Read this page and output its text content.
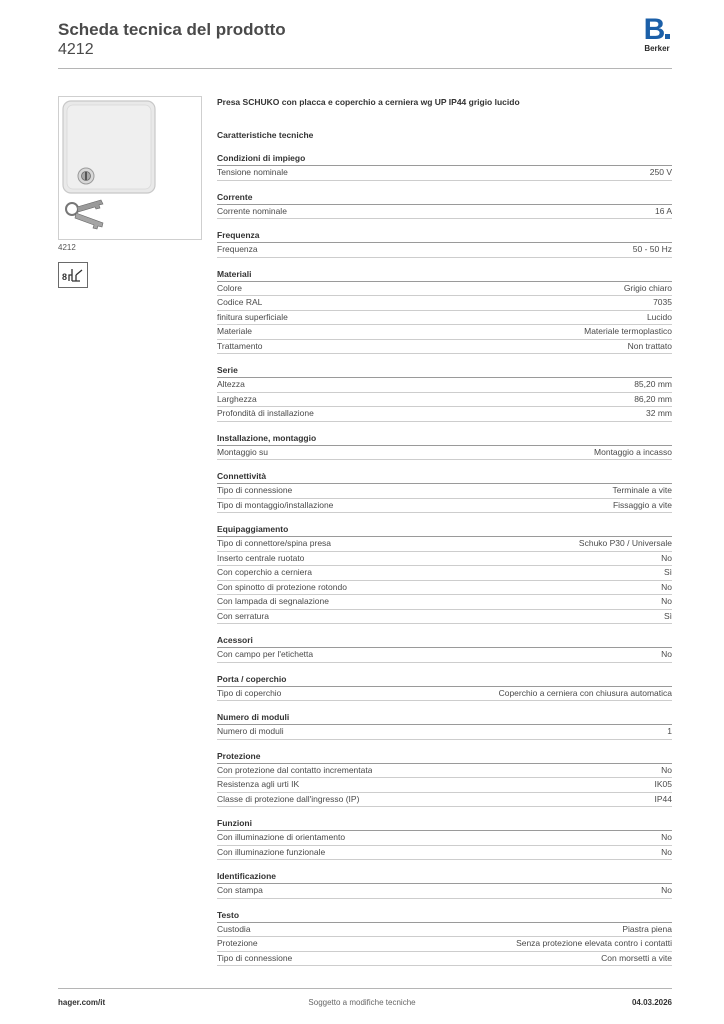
Scheda tecnica del prodotto
4212
B
Berker
4212
8
Presa SCHUKO con placca e coperchio a cerniera wg UP IP44 grigio lucido
Caratteristiche tecniche
Condizioni di impiego
Tensione nominale	250 V
Corrente
Corrente nominale	16 A
Frequenza
Frequenza	50 - 50 Hz
Materiali
Colore	Grigio chiaro
Codice RAL	7035
finitura superficiale	Lucido
Materiale	Materiale termoplastico
Trattamento	Non trattato
Serie
Altezza	85,20 mm
Larghezza	86,20 mm
Profondità di installazione	32 mm
Installazione, montaggio
Montaggio su	Montaggio a incasso
Connettività
Tipo di connessione	Terminale a vite
Tipo di montaggio/installazione	Fissaggio a vite
Equipaggiamento
Tipo di connettore/spina presa	Schuko P30 / Universale
Inserto centrale ruotato	No
Con coperchio a cerniera	Sì
Con spinotto di protezione rotondo	No
Con lampada di segnalazione	No
Con serratura	Sì
Acessori
Con campo per l'etichetta	No
Porta / coperchio
Tipo di coperchio	Coperchio a cerniera con chiusura automatica
Numero di moduli
Numero di moduli	1
Protezione
Con protezione dal contatto incrementata	No
Resistenza agli urti IK	IK05
Classe di protezione dall'ingresso (IP)	IP44
Funzioni
Con illuminazione di orientamento	No
Con illuminazione funzionale	No
Identificazione
Con stampa	No
Testo
Custodia	Piastra piena
Protezione	Senza protezione elevata contro i contatti
Tipo di connessione	Con morsetti a vite
hager.com/it	Soggetto a modifiche tecniche	04.03.2026
